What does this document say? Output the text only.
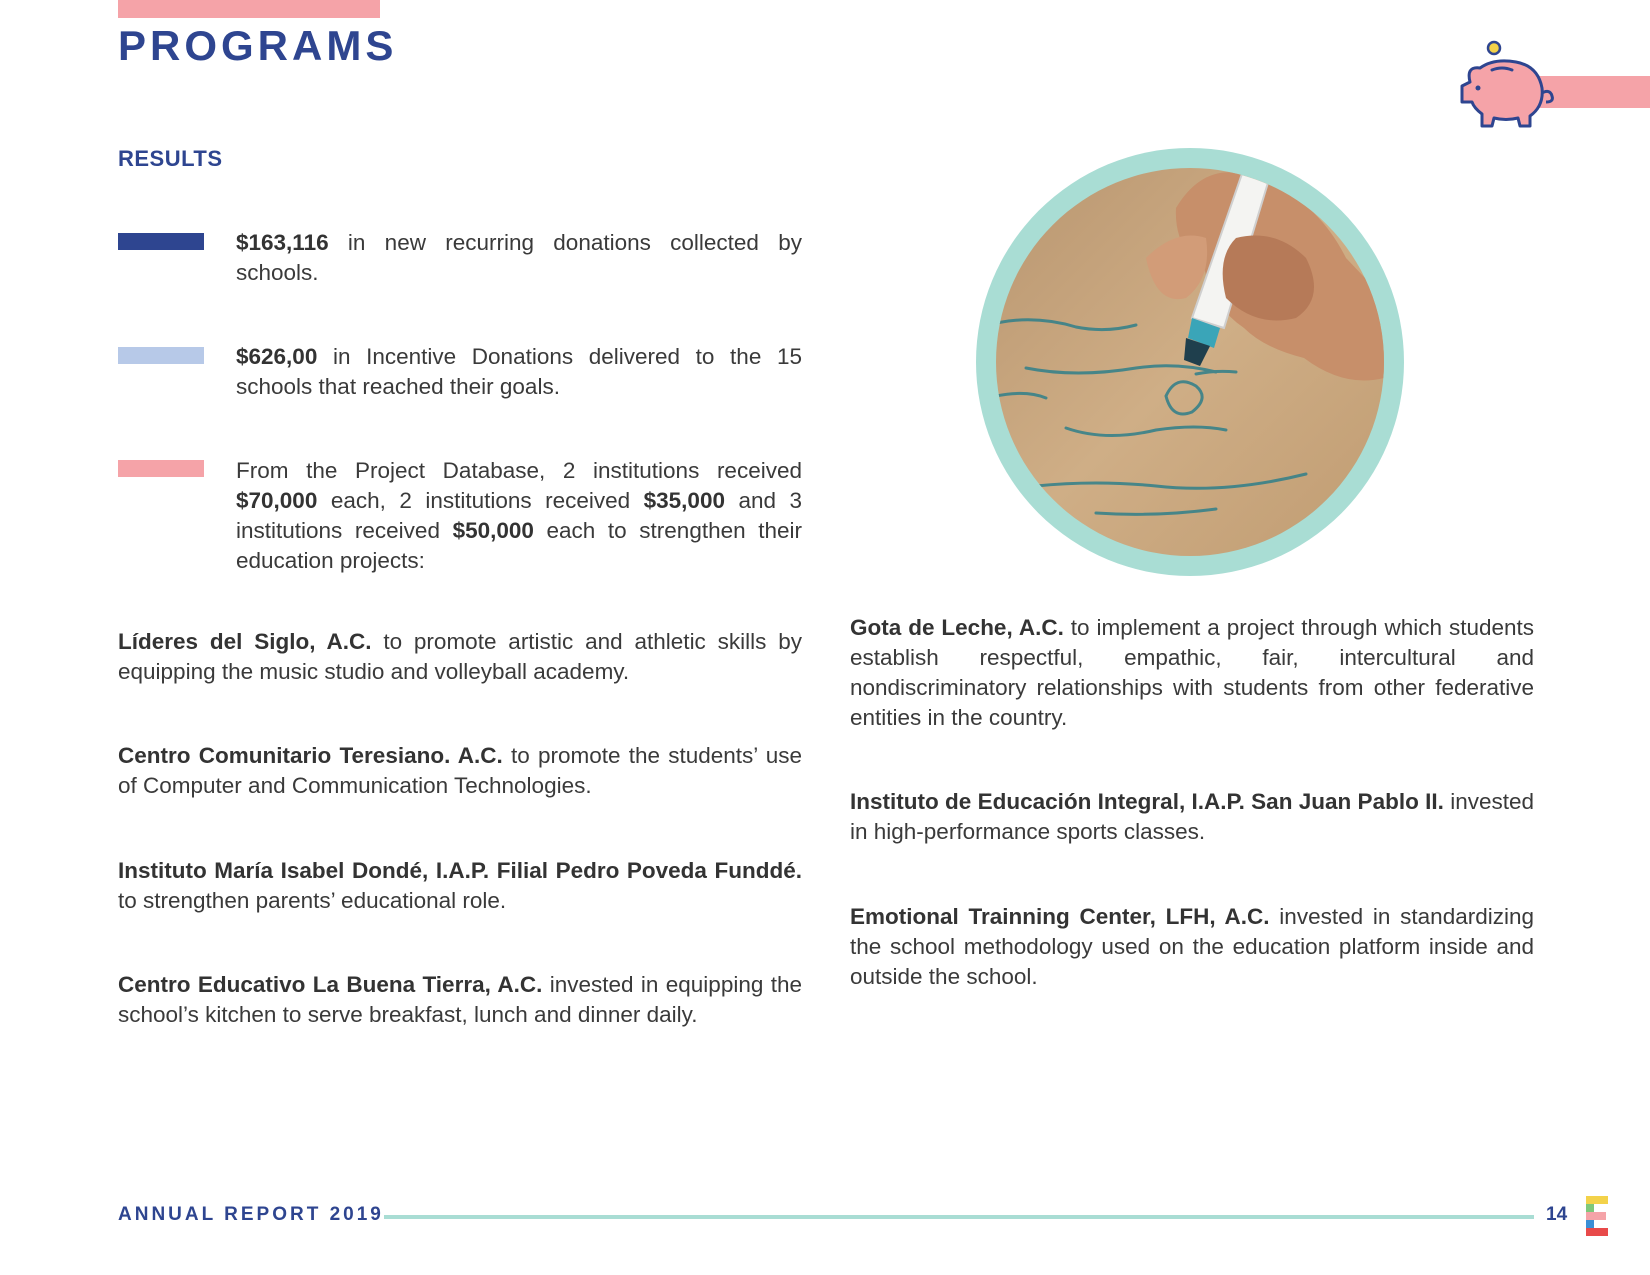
PROGRAMS
RESULTS

$163,116 in new recurring donations collected by schools.

$626,00 in Incentive Donations delivered to the 15 schools that reached their goals.

From the Project Database, 2 institutions received $70,000 each, 2 institutions received $35,000 and 3 institutions received $50,000 each to strengthen their education projects:

Líderes del Siglo, A.C. to promote artistic and athletic skills by equipping the music studio and volleyball academy.

Centro Comunitario Teresiano. A.C. to promote the students’ use of Computer and Communication Technologies.

Instituto María Isabel Dondé, I.A.P. Filial Pedro Poveda Funddé. to strengthen parents’ educational role.

Centro Educativo La Buena Tierra, A.C. invested in equipping the school’s kitchen to serve breakfast, lunch and dinner daily.

Gota de Leche, A.C. to implement a project through which students establish respectful, empathic, fair, intercultural and nondiscriminatory relationships with students from other federative entities in the country.

Instituto de Educación Integral, I.A.P. San Juan Pablo II. invested in high-performance sports classes.

Emotional Trainning Center, LFH, A.C. invested in standardizing the school methodology used on the education platform inside and outside the school.

ANNUAL REPORT 2019	14
